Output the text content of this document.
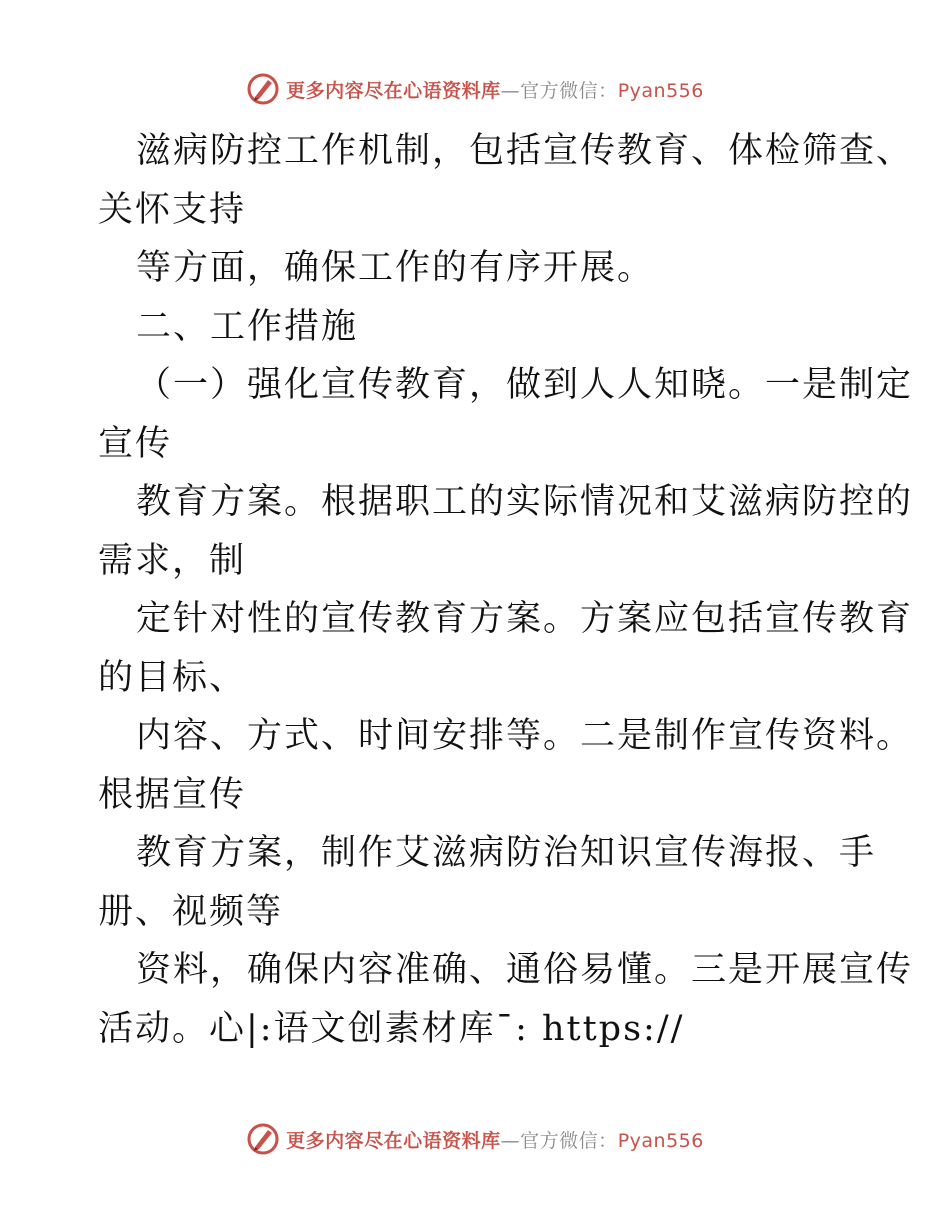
更多内容尽在心语资料库—官方微信：Pyan556
滋病防控工作机制，包括宣传教育、体检筛查、
关怀支持
等方面，确保工作的有序开展。
二、工作措施
（一）强化宣传教育，做到人人知晓。一是制定
宣传
教育方案。根据职工的实际情况和艾滋病防控的
需求，制
定针对性的宣传教育方案。方案应包括宣传教育
的目标、
内容、方式、时间安排等。二是制作宣传资料。
根据宣传
教育方案，制作艾滋病防治知识宣传海报、手
册、视频等
资料，确保内容准确、通俗易懂。三是开展宣传
活动。心|:语文创素材库¯: https://
更多内容尽在心语资料库—官方微信：Pyan556
